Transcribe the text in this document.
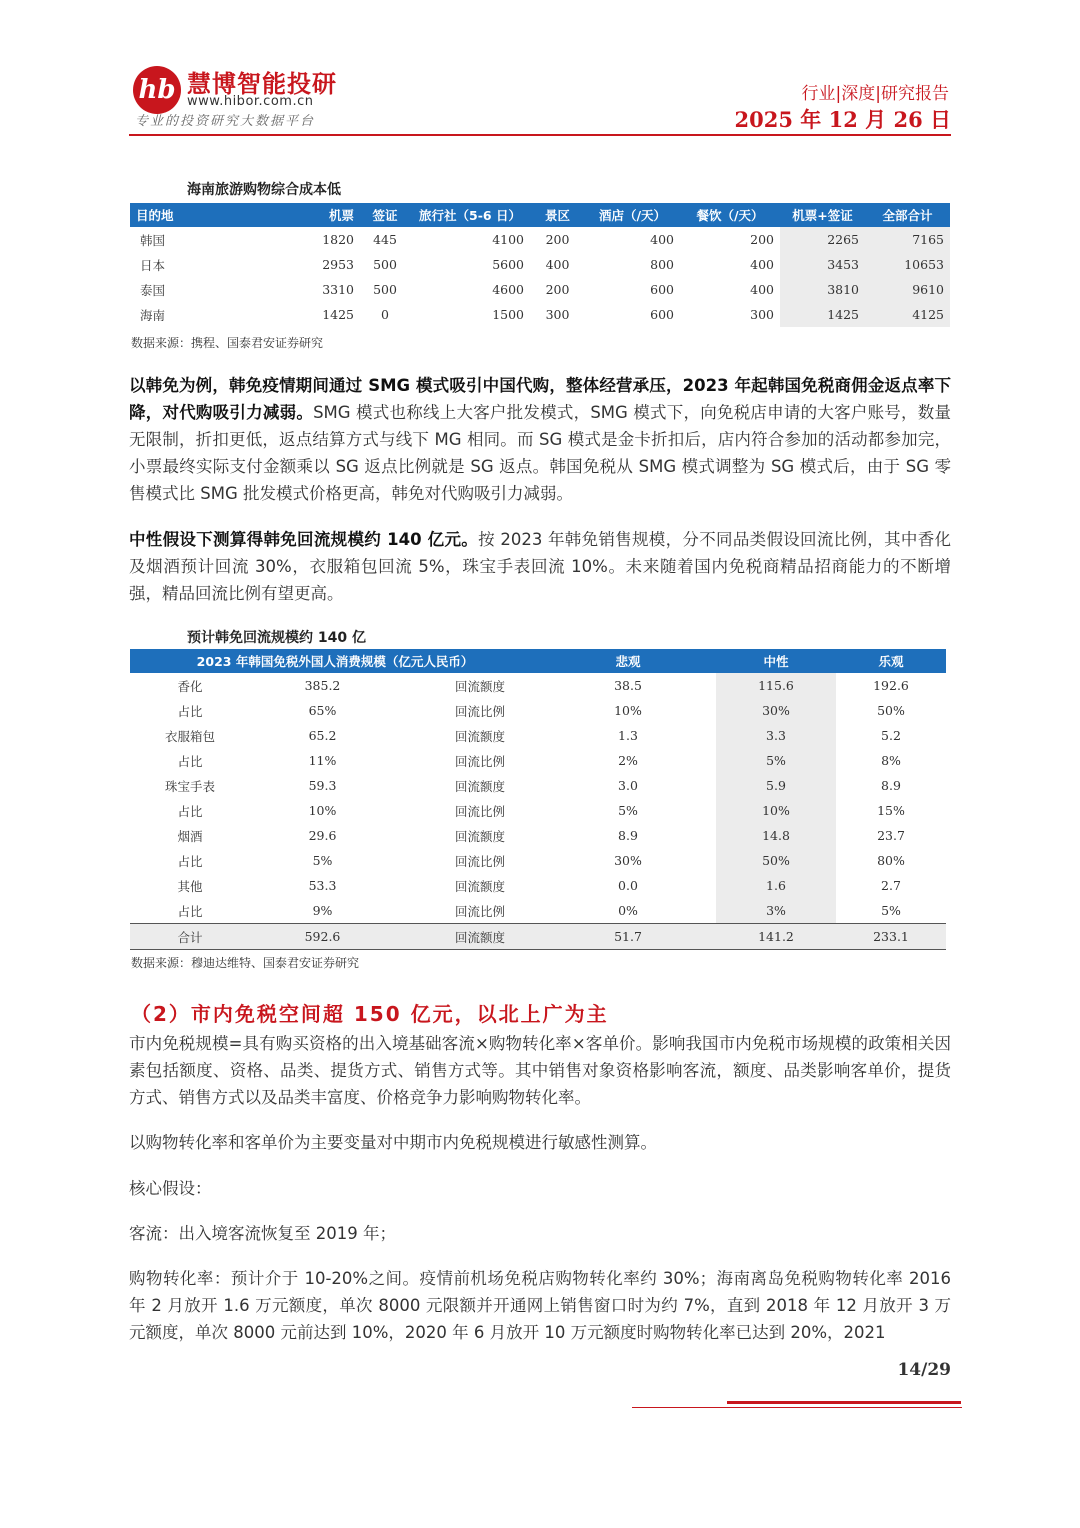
hb 慧博智能投研
www.hibor.com.cn
专业的投资研究大数据平台
行业|深度|研究报告
2025 年 12 月 26 日
海南旅游购物综合成本低
目的地	机票	签证	旅行社（5-6 日）	景区	酒店（/天）	餐饮（/天）	机票+签证	全部合计
韩国	1820	445	4100	200	400	200	2265	7165
日本	2953	500	5600	400	800	400	3453	10653
泰国	3310	500	4600	200	600	400	3810	9610
海南	1425	0	1500	300	600	300	1425	4125
数据来源：携程、国泰君安证券研究
以韩免为例，韩免疫情期间通过 SMG 模式吸引中国代购，整体经营承压，2023 年起韩国免税商佣金返点率下降，对代购吸引力减弱。SMG 模式也称线上大客户批发模式，SMG 模式下，向免税店申请的大客户账号，数量无限制，折扣更低，返点结算方式与线下 MG 相同。而 SG 模式是金卡折扣后，店内符合参加的活动都参加完，小票最终实际支付金额乘以 SG 返点比例就是 SG 返点。韩国免税从 SMG 模式调整为 SG 模式后，由于 SG 零售模式比 SMG 批发模式价格更高，韩免对代购吸引力减弱。
中性假设下测算得韩免回流规模约 140 亿元。按 2023 年韩免销售规模，分不同品类假设回流比例，其中香化及烟酒预计回流 30%，衣服箱包回流 5%，珠宝手表回流 10%。未来随着国内免税商精品招商能力的不断增强，精品回流比例有望更高。
预计韩免回流规模约 140 亿
2023 年韩国免税外国人消费规模（亿元人民币）			悲观	中性	乐观
香化	385.2	回流额度	38.5	115.6	192.6
占比	65%	回流比例	10%	30%	50%
衣服箱包	65.2	回流额度	1.3	3.3	5.2
占比	11%	回流比例	2%	5%	8%
珠宝手表	59.3	回流额度	3.0	5.9	8.9
占比	10%	回流比例	5%	10%	15%
烟酒	29.6	回流额度	8.9	14.8	23.7
占比	5%	回流比例	30%	50%	80%
其他	53.3	回流额度	0.0	1.6	2.7
占比	9%	回流比例	0%	3%	5%
合计	592.6	回流额度	51.7	141.2	233.1
数据来源：穆迪达维特、国泰君安证券研究
（2）市内免税空间超 150 亿元，以北上广为主
市内免税规模=具有购买资格的出入境基础客流×购物转化率×客单价。影响我国市内免税市场规模的政策相关因素包括额度、资格、品类、提货方式、销售方式等。其中销售对象资格影响客流，额度、品类影响客单价，提货方式、销售方式以及品类丰富度、价格竞争力影响购物转化率。
以购物转化率和客单价为主要变量对中期市内免税规模进行敏感性测算。
核心假设：
客流：出入境客流恢复至 2019 年；
购物转化率：预计介于 10-20%之间。疫情前机场免税店购物转化率约 30%；海南离岛免税购物转化率 2016 年 2 月放开 1.6 万元额度，单次 8000 元限额并开通网上销售窗口时为约 7%，直到 2018 年 12 月放开 3 万元额度，单次 8000 元前达到 10%，2020 年 6 月放开 10 万元额度时购物转化率已达到 20%，2021
14/29
